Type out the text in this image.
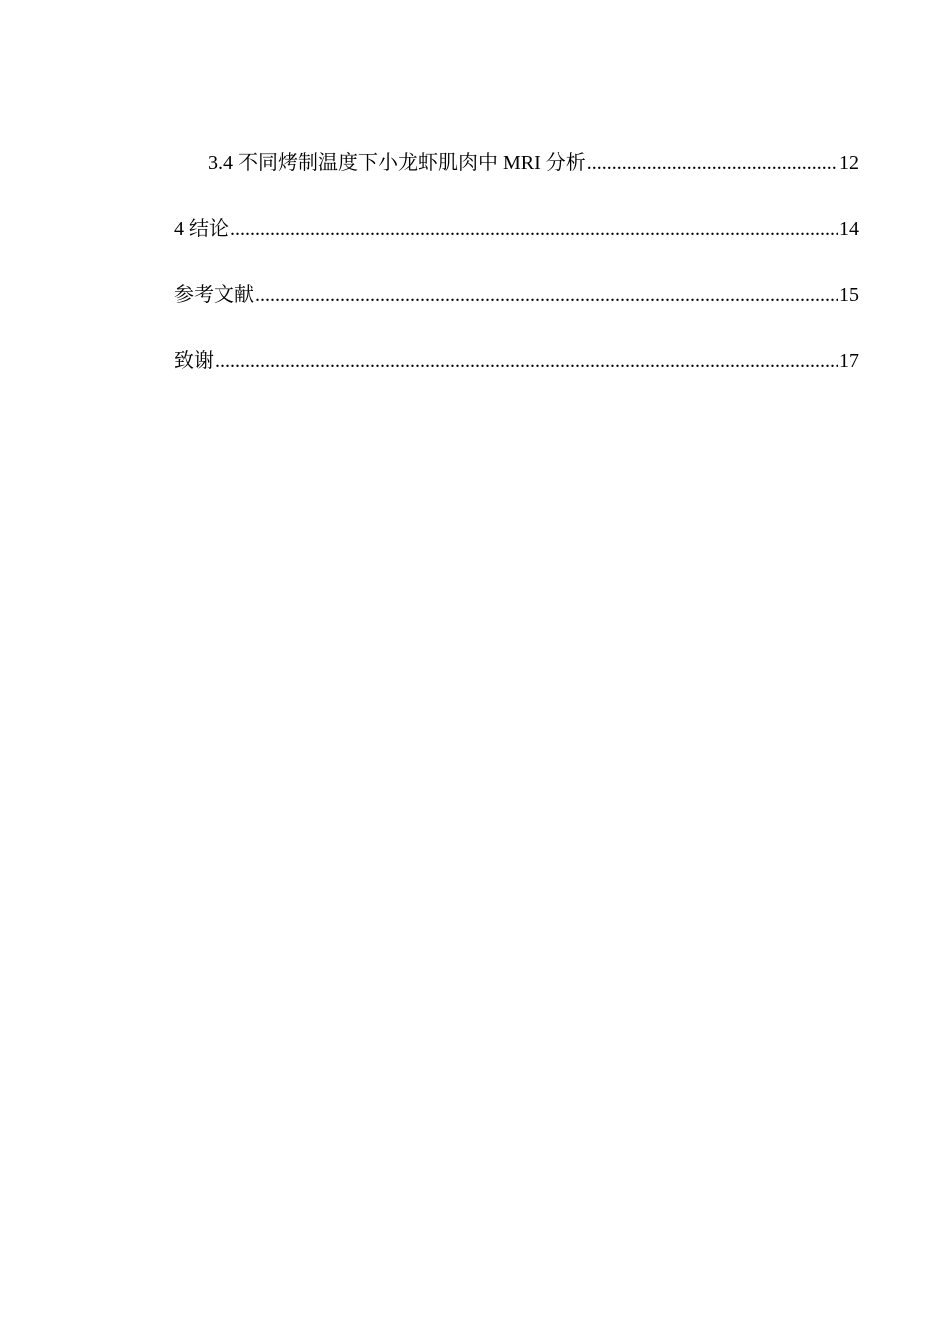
3.4 不同烤制温度下小龙虾肌肉中 MRI 分析 .....	12
4 结论 .....	14
参考文献 .....	15
致谢 .....	17
